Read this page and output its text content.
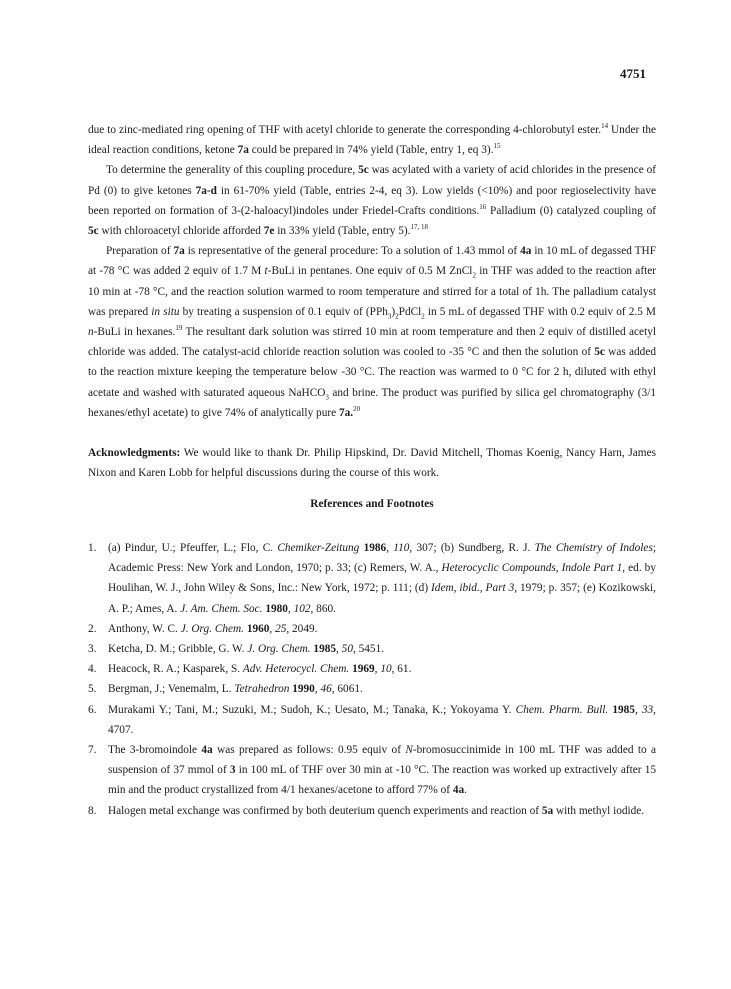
4751

due to zinc-mediated ring opening of THF with acetyl chloride to generate the corresponding 4-chlorobutyl ester.$^{14}$ Under the ideal reaction conditions, ketone 7a could be prepared in 74% yield (Table, entry 1, eq 3).$^{15}$

To determine the generality of this coupling procedure, 5c was acylated with a variety of acid chlorides in the presence of Pd (0) to give ketones 7a-d in 61-70% yield (Table, entries 2-4, eq 3). Low yields (<10%) and poor regioselectivity have been reported on formation of 3-(2-haloacyl)indoles under Friedel-Crafts conditions.$^{16}$ Palladium (0) catalyzed coupling of 5c with chloroacetyl chloride afforded 7e in 33% yield (Table, entry 5).$^{17, 18}$

Preparation of 7a is representative of the general procedure: To a solution of 1.43 mmol of 4a in 10 mL of degassed THF at -78 °C was added 2 equiv of 1.7 M t-BuLi in pentanes. One equiv of 0.5 M ZnCl$_2$ in THF was added to the reaction after 10 min at -78 °C, and the reaction solution warmed to room temperature and stirred for a total of 1h. The palladium catalyst was prepared in situ by treating a suspension of 0.1 equiv of $(PPh_3)_2PdCl_2$ in 5 mL of degassed THF with 0.2 equiv of 2.5 M n-BuLi in hexanes.$^{19}$ The resultant dark solution was stirred 10 min at room temperature and then 2 equiv of distilled acetyl chloride was added. The catalyst-acid chloride reaction solution was cooled to -35 °C and then the solution of 5c was added to the reaction mixture keeping the temperature below -30 °C. The reaction was warmed to 0 °C for 2 h, diluted with ethyl acetate and washed with saturated aqueous NaHCO$_3$ and brine. The product was purified by silica gel chromatography (3/1 hexanes/ethyl acetate) to give 74% of analytically pure 7a.$^{20}$

Acknowledgments: We would like to thank Dr. Philip Hipskind, Dr. David Mitchell, Thomas Koenig, Nancy Harn, James Nixon and Karen Lobb for helpful discussions during the course of this work.

References and Footnotes
1.	(a) Pindur, U.; Pfeuffer, L.; Flo, C. Chemiker-Zeitung 1986, 110, 307; (b) Sundberg, R. J. The Chemistry of Indoles; Academic Press: New York and London, 1970; p. 33; (c) Remers, W. A., Heterocyclic Compounds, Indole Part 1, ed. by Houlihan, W. J., John Wiley & Sons, Inc.: New York, 1972; p. 111; (d) Idem, ibid., Part 3, 1979; p. 357; (e) Kozikowski, A. P.; Ames, A. J. Am. Chem. Soc. 1980, 102, 860.
2.	Anthony, W. C. J. Org. Chem. 1960, 25, 2049.
3.	Ketcha, D. M.; Gribble, G. W. J. Org. Chem. 1985, 50, 5451.
4.	Heacock, R. A.; Kasparek, S. Adv. Heterocycl. Chem. 1969, 10, 61.
5.	Bergman, J.; Venemalm, L. Tetrahedron 1990, 46, 6061.
6.	Murakami Y.; Tani, M.; Suzuki, M.; Sudoh, K.; Uesato, M.; Tanaka, K.; Yokoyama Y. Chem. Pharm. Bull. 1985, 33, 4707.
7.	The 3-bromoindole 4a was prepared as follows: 0.95 equiv of N-bromosuccinimide in 100 mL THF was added to a suspension of 37 mmol of 3 in 100 mL of THF over 30 min at -10 °C. The reaction was worked up extractively after 15 min and the product crystallized from 4/1 hexanes/acetone to afford 77% of 4a.
8.	Halogen metal exchange was confirmed by both deuterium quench experiments and reaction of 5a with methyl iodide.
